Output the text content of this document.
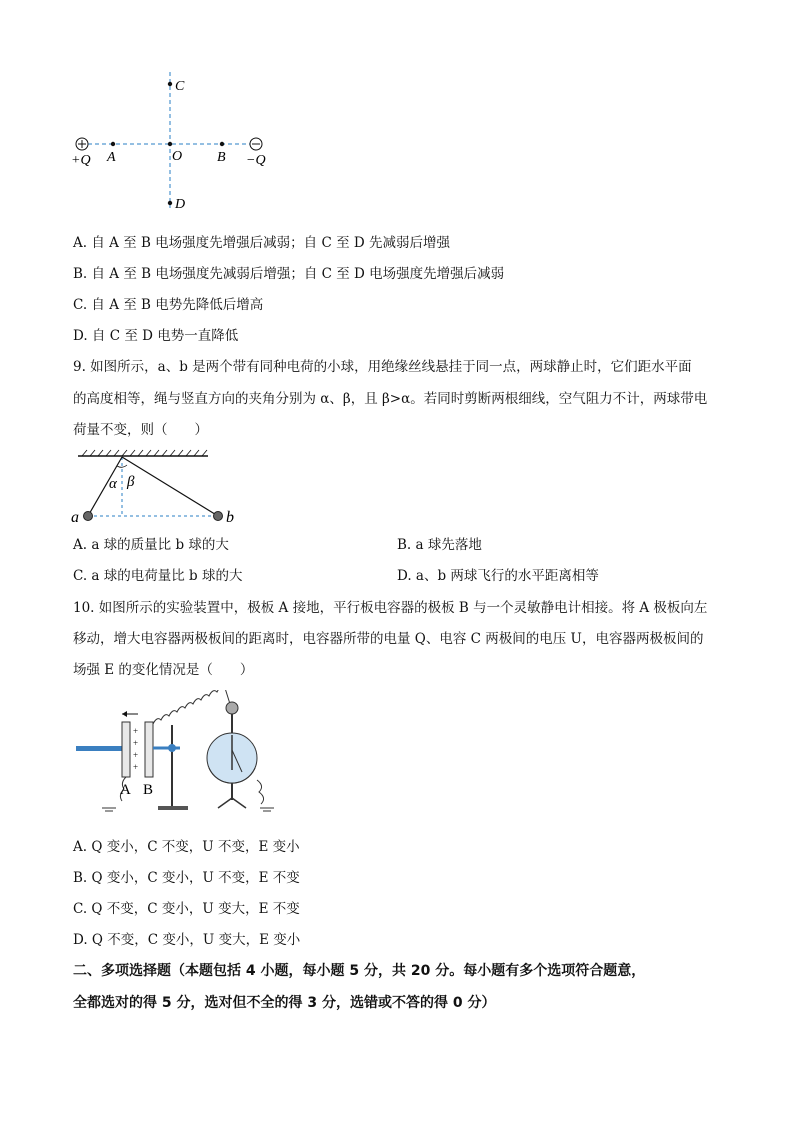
C
A	O B
+Q	−Q
D
A. 自 A 至 B 电场强度先增强后减弱；自 C 至 D 先减弱后增强
B. 自 A 至 B 电场强度先减弱后增强；自 C 至 D 电场强度先增强后减弱
C. 自 A 至 B 电势先降低后增高
D. 自 C 至 D 电势一直降低
9. 如图所示，a、b 是两个带有同种电荷的小球，用绝缘丝线悬挂于同一点，两球静止时，它们距水平面
的高度相等，绳与竖直方向的夹角分别为 α、β，且 β>α。若同时剪断两根细线，空气阻力不计，两球带电
荷量不变，则（　　）
α β
a	b
A. a 球的质量比 b 球的大	B. a 球先落地
C. a 球的电荷量比 b 球的大	D. a、b 两球飞行的水平距离相等
10. 如图所示的实验装置中，极板 A 接地，平行板电容器的极板 B 与一个灵敏静电计相接。将 A 极板向左
移动，增大电容器两极板间的距离时，电容器所带的电量 Q、电容 C 两极间的电压 U，电容器两极板间的
场强 E 的变化情况是（　　）
+
+
+
+
A B
A. Q 变小，C 不变，U 不变，E 变小
B. Q 变小，C 变小，U 不变，E 不变
C. Q 不变，C 变小，U 变大，E 不变
D. Q 不变，C 变小，U 变大，E 变小
二、多项选择题（本题包括 4 小题，每小题 5 分，共 20 分。每小题有多个选项符合题意，
全都选对的得 5 分，选对但不全的得 3 分，选错或不答的得 0 分）
